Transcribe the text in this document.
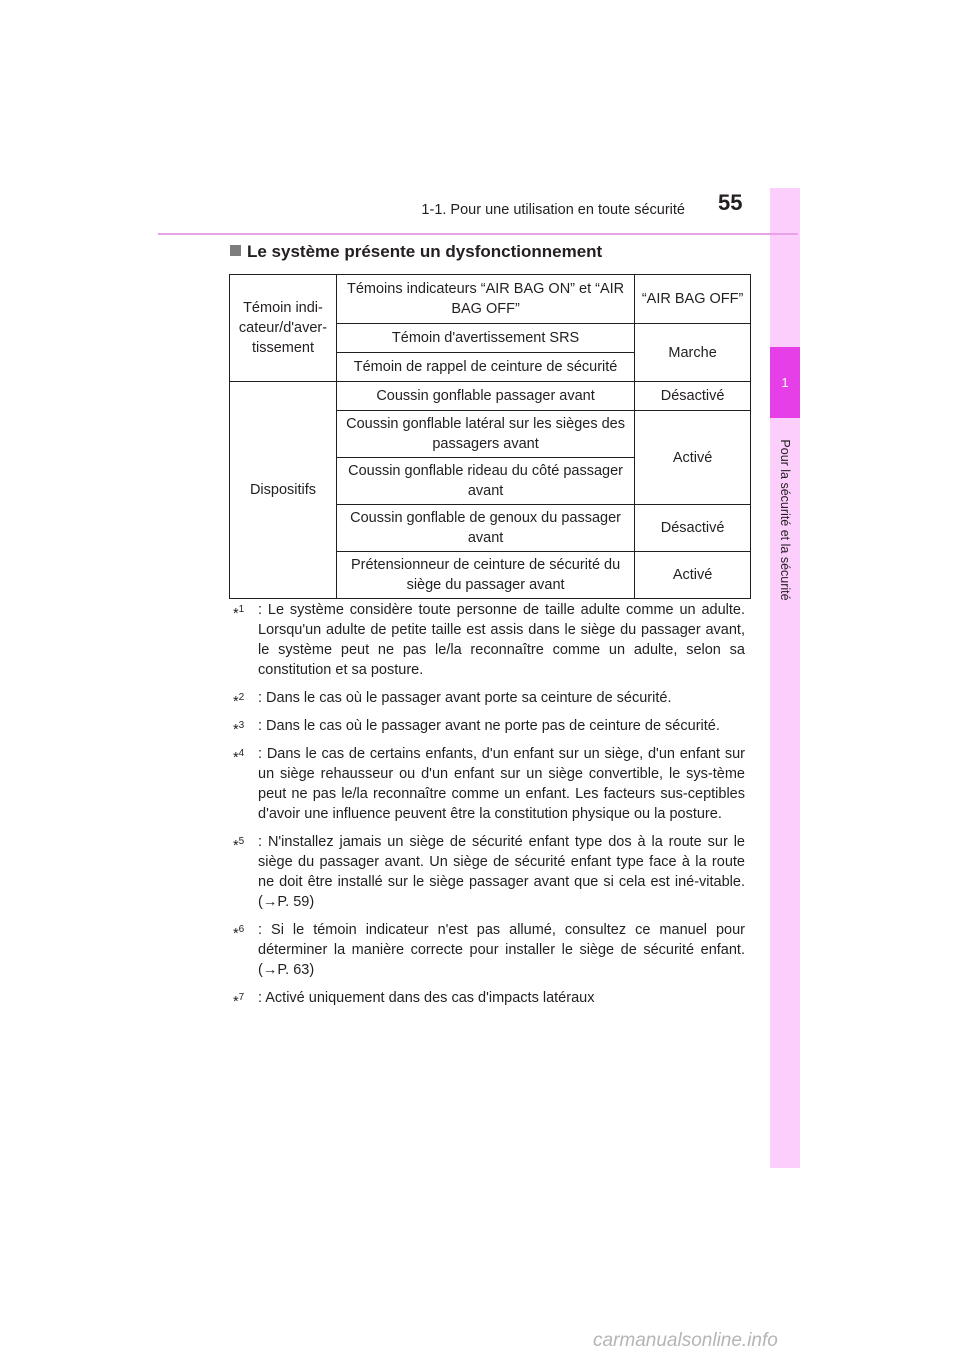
1
Pour la sécurité et la sécurité
1-1. Pour une utilisation en toute sécurité 55
Le système présente un dysfonctionnement
Témoin indi-cateur/d'aver-tissement	Témoins indicateurs “AIR BAG ON” et “AIR BAG OFF”	“AIR BAG OFF”
	Témoin d'avertissement SRS	Marche
	Témoin de rappel de ceinture de sécurité	
Dispositifs	Coussin gonflable passager avant	Désactivé
	Coussin gonflable latéral sur les sièges des passagers avant	Activé
	Coussin gonflable rideau du côté passager avant	
	Coussin gonflable de genoux du passager avant	Désactivé
	Prétensionneur de ceinture de sécurité du siège du passager avant	Activé
*$^1$ : Le système considère toute personne de taille adulte comme un adulte. Lorsqu'un adulte de petite taille est assis dans le siège du passager avant, le système peut ne pas le/la reconnaître comme un adulte, selon sa constitution et sa posture.
*$^2$ : Dans le cas où le passager avant porte sa ceinture de sécurité.
*$^3$ : Dans le cas où le passager avant ne porte pas de ceinture de sécurité.
*$^4$ : Dans le cas de certains enfants, d'un enfant sur un siège, d'un enfant sur un siège rehausseur ou d'un enfant sur un siège convertible, le sys-tème peut ne pas le/la reconnaître comme un enfant. Les facteurs sus-ceptibles d'avoir une influence peuvent être la constitution physique ou la posture.
*$^5$ : N'installez jamais un siège de sécurité enfant type dos à la route sur le siège du passager avant. Un siège de sécurité enfant type face à la route ne doit être installé sur le siège passager avant que si cela est iné-vitable. (→P. 59)
*$^6$ : Si le témoin indicateur n'est pas allumé, consultez ce manuel pour déterminer la manière correcte pour installer le siège de sécurité enfant. (→P. 63)
*$^7$ : Activé uniquement dans des cas d'impacts latéraux
carmanualsonline.info
